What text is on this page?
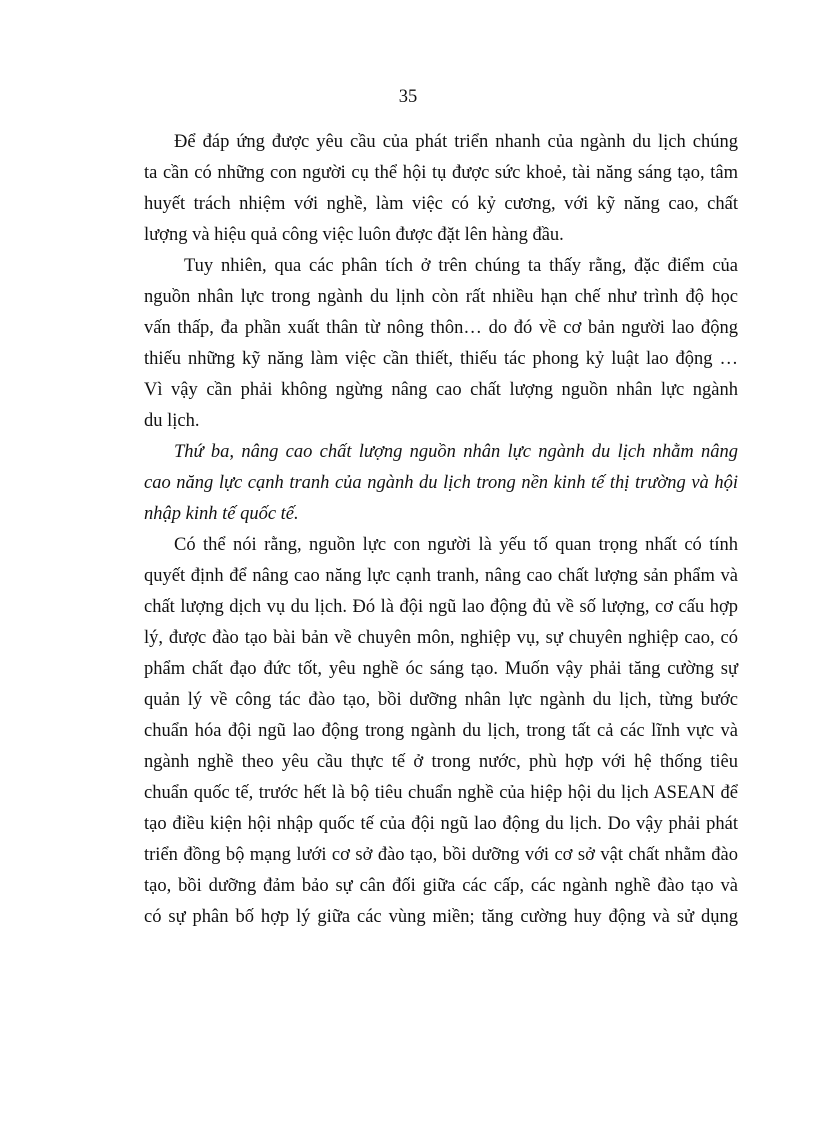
35
Để đáp ứng được yêu cầu của phát triển nhanh của ngành du lịch chúng
ta cần có những con người cụ thể hội tụ được sức khoẻ, tài năng sáng tạo, tâm
huyết trách nhiệm với nghề, làm việc có kỷ cương, với kỹ năng cao, chất
lượng và hiệu quả công việc luôn được đặt lên hàng đầu.
Tuy nhiên, qua các phân tích ở trên chúng ta thấy rằng, đặc điểm của
nguồn nhân lực trong ngành du lịnh còn rất nhiều hạn chế như trình độ học
vấn thấp, đa phần xuất thân từ nông thôn… do đó về cơ bản người lao động
thiếu những kỹ năng làm việc cần thiết, thiếu tác phong kỷ luật lao động …
Vì vậy cần phải không ngừng nâng cao chất lượng nguồn nhân lực ngành
du lịch.
Thứ ba, nâng cao chất lượng nguồn nhân lực ngành du lịch nhằm nâng
cao năng lực cạnh tranh của ngành du lịch trong nền kinh tế thị trường và hội
nhập kinh tế quốc tế.
Có thể nói rằng, nguồn lực con người là yếu tố quan trọng nhất có tính
quyết định để nâng cao năng lực cạnh tranh, nâng cao chất lượng sản phẩm và
chất lượng dịch vụ du lịch. Đó là đội ngũ lao động đủ về số lượng, cơ cấu hợp
lý, được đào tạo bài bản về chuyên môn, nghiệp vụ, sự chuyên nghiệp cao, có
phẩm chất đạo đức tốt, yêu nghề óc sáng tạo. Muốn vậy phải tăng cường sự
quản lý về công tác đào tạo, bồi dưỡng nhân lực ngành du lịch, từng bước
chuẩn hóa đội ngũ lao động trong ngành du lịch, trong tất cả các lĩnh vực và
ngành nghề theo yêu cầu thực tế ở trong nước, phù hợp với hệ thống tiêu
chuẩn quốc tế, trước hết là bộ tiêu chuẩn nghề của hiệp hội du lịch ASEAN để
tạo điều kiện hội nhập quốc tế của đội ngũ lao động du lịch. Do vậy phải phát
triển đồng bộ mạng lưới cơ sở đào tạo, bồi dưỡng với cơ sở vật chất nhằm đào
tạo, bồi dưỡng đảm bảo sự cân đối giữa các cấp, các ngành nghề đào tạo và
có sự phân bố hợp lý giữa các vùng miền; tăng cường huy động và sử dụng
